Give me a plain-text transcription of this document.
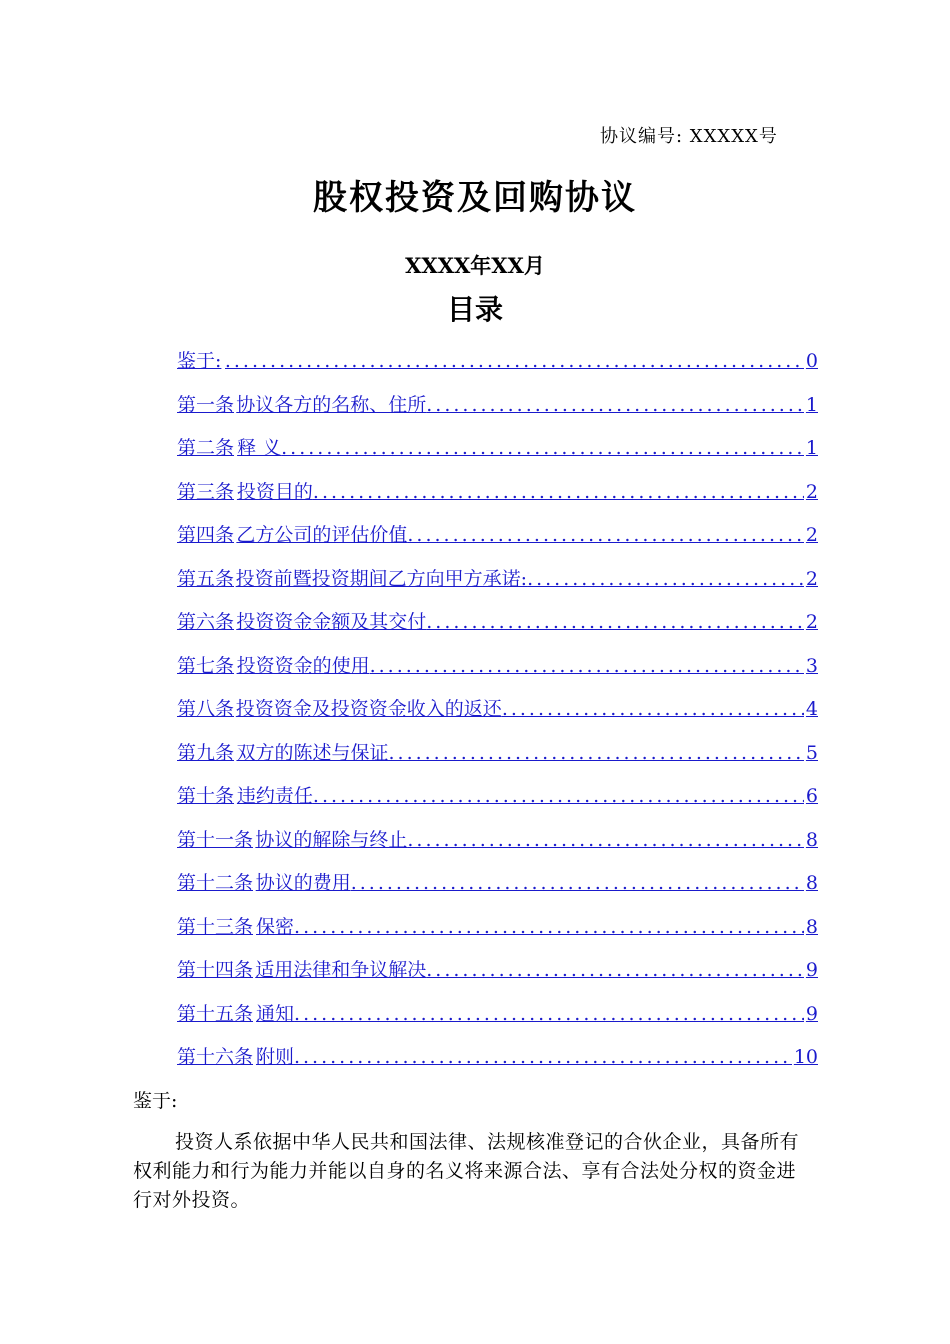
协议编号: XXXXX号
股权投资及回购协议
XXXX年XX月
目录
鉴于: .....	0
第一条 协议各方的名称、住所 .....	1
第二条 释 义 .....	1
第三条 投资目的 .....	2
第四条 乙方公司的评估价值 .....	2
第五条 投资前暨投资期间乙方向甲方承诺: .....	2
第六条 投资资金金额及其交付 .....	2
第七条 投资资金的使用 .....	3
第八条 投资资金及投资资金收入的返还 .....	4
第九条 双方的陈述与保证 .....	5
第十条 违约责任 .....	6
第十一条 协议的解除与终止 .....	8
第十二条 协议的费用 .....	8
第十三条 保密 .....	8
第十四条 适用法律和争议解决 .....	9
第十五条 通知 .....	9
第十六条 附则 .....	10
鉴于:
投资人系依据中华人民共和国法律、法规核准登记的合伙企业，具备所有权利能力和行为能力并能以自身的名义将来源合法、享有合法处分权的资金进行对外投资。
